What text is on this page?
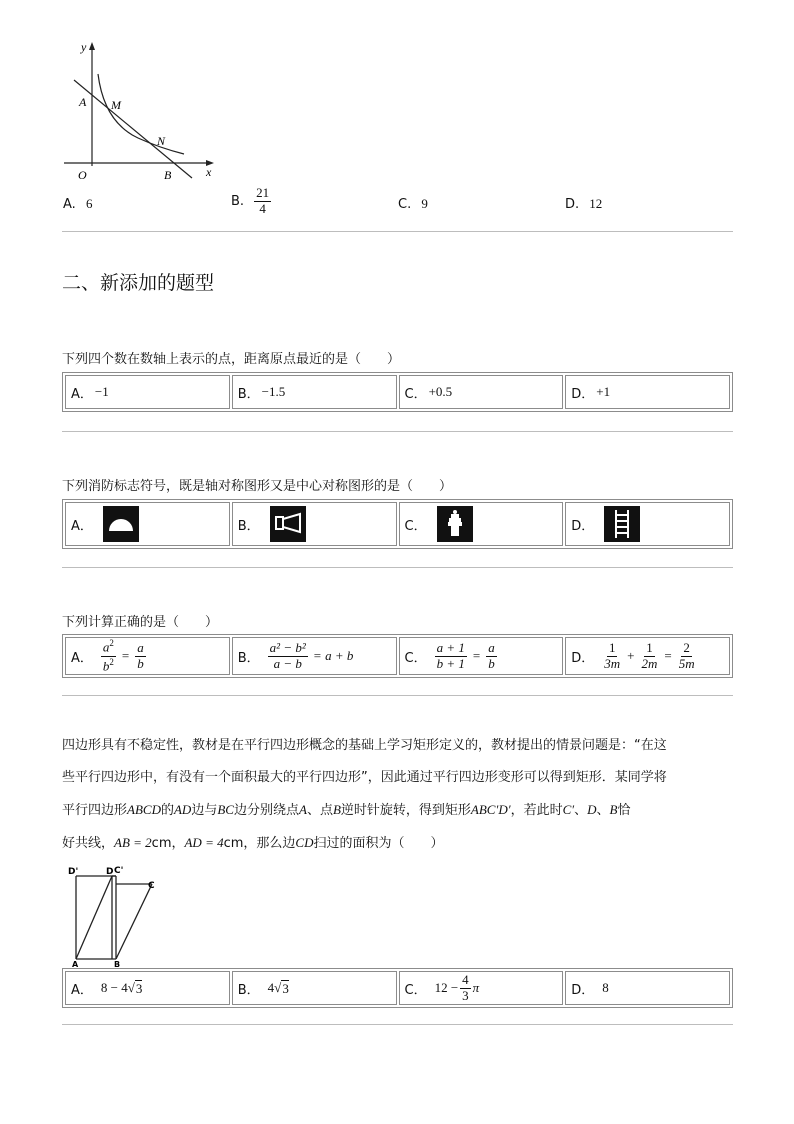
y
x
O
A M
N
B
A. 6	B. $\frac{21}{4}$	C. 9	D. 12
二、新添加的题型
下列四个数在数轴上表示的点，距离原点最近的是（　　）
A． −1	B． −1.5	C． +0.5	D． +1
下列消防标志符号，既是轴对称图形又是中心对称图形的是（　　）
A．	B．	C．	D．
下列计算正确的是（　　）
A． $\frac{a^2}{b^2} = \frac{a}{b}$	B． $\frac{\text{a² − b²}}{a - b} = a + b$	C． $\frac{a + 1}{b + 1} = \frac{a}{b}$	D． $\frac{1}{3m} + \frac{1}{2m} = \frac{2}{5m}$
四边形具有不稳定性，教材是在平行四边形概念的基础上学习矩形定义的，教材提出的情景问题是：“在这
些平行四边形中，有没有一个面积最大的平行四边形”，因此通过平行四边形变形可以得到矩形．某同学将
平行四边形ABCD的AD边与BC边分别绕点A、点B逆时针旋转，得到矩形ABC′D′，若此时C′、D、B恰
好共线，AB = 2cm，AD = 4cm，那么边CD扫过的面积为（　　）
D'	D C'
C
A	B
A． 8 − 4 √ 3	B． 4 √ 3	C． $12 - \frac{4}{3}$ π	D． 8
